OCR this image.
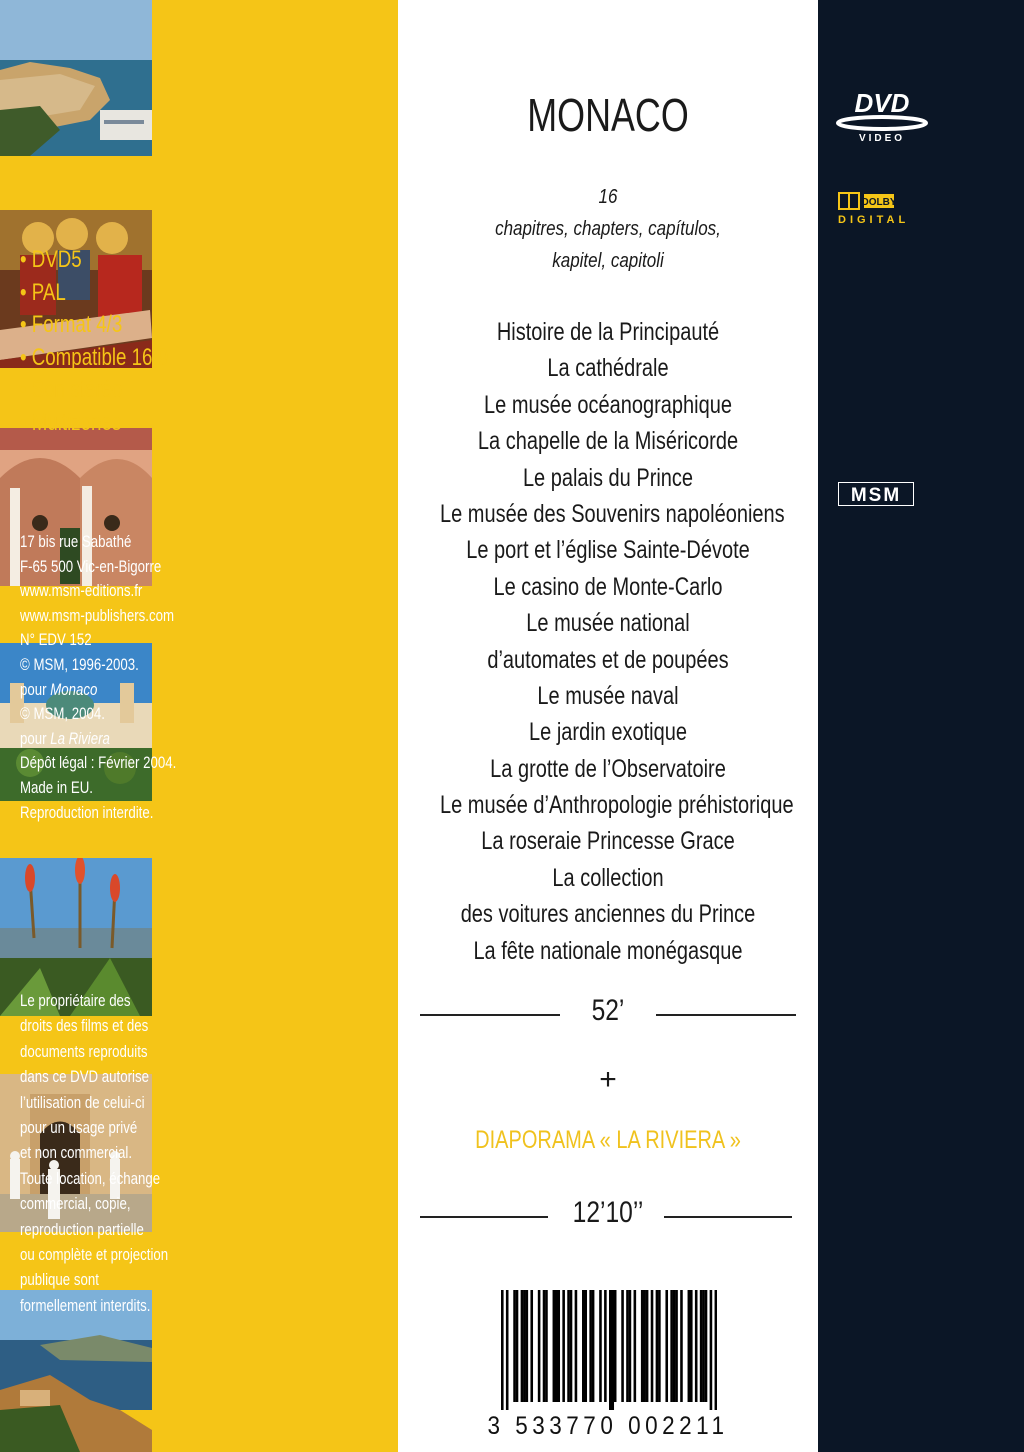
MONACO
16
chapitres, chapters, capítulos,
kapitel, capitoli
Histoire de la Principauté
La cathédrale
Le musée océanographique
La chapelle de la Miséricorde
Le palais du Prince
Le musée des Souvenirs napoléoniens
Le port et l’église Sainte-Dévote
Le casino de Monte-Carlo
Le musée national
d’automates et de poupées
Le musée naval
Le jardin exotique
La grotte de l’Observatoire
Le musée d’Anthropologie préhistorique
La roseraie Princesse Grace
La collection
des voitures anciennes du Prince
La fête nationale monégasque
52’
+
DIAPORAMA « LA RIVIERA »
12’10’’
3 533770 002211
DVD
VIDEO
DOLBY
DIGITAL
• DVD5
• PAL
• Format 4/3
• Compatible 16/9
• Son stéréo
• Multizones
MSM
17 bis rue Sabathé
F-65 500 Vic-en-Bigorre
www.msm-editions.fr
www.msm-publishers.com
N° EDV 152
© MSM, 1996-2003.
pour Monaco
© MSM, 2004.
pour La Riviera
Dépôt légal : Février 2004.
Made in EU.
Reproduction interdite.
Le propriétaire des
droits des films et des
documents reproduits
dans ce DVD autorise
l’utilisation de celui-ci
pour un usage privé
et non commercial.
Toute location, échange
commercial, copie,
reproduction partielle
ou complète et projection
publique sont
formellement interdits.
